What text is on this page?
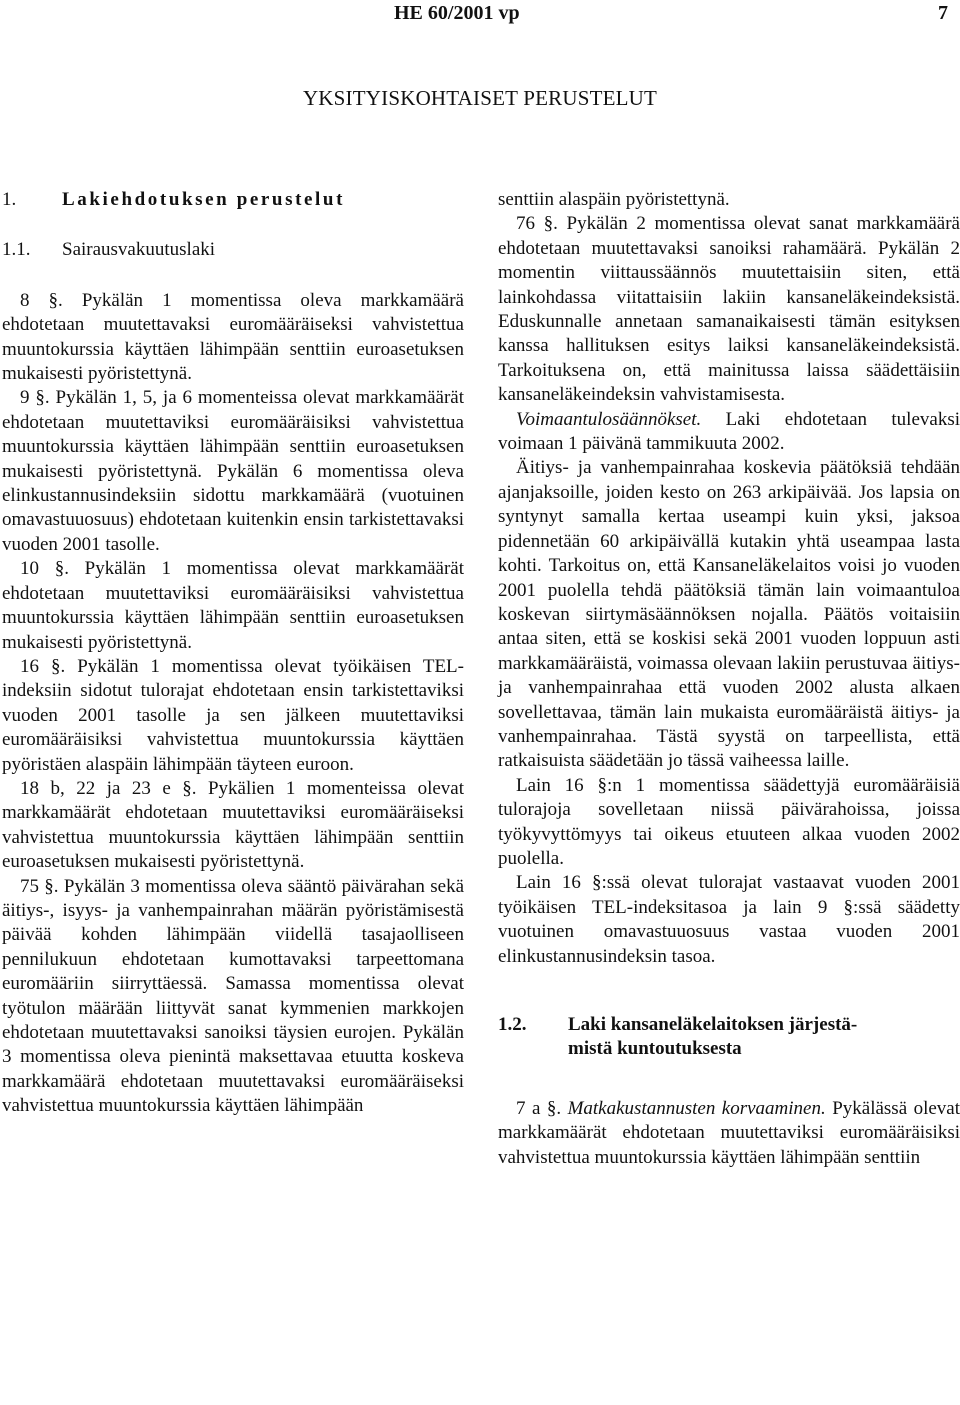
HE 60/2001 vp	7
YKSITYISKOHTAISET PERUSTELUT
1.	Lakiehdotuksen perustelut
1.1.	Sairausvakuutuslaki

8 §. Pykälän 1 momentissa oleva markkamäärä ehdotetaan muutettavaksi euromääräiseksi vahvistettua muuntokurssia käyttäen lähimpään senttiin euroasetuksen mukaisesti pyöristettynä.

9 §. Pykälän 1, 5, ja 6 momenteissa olevat markkamäärät ehdotetaan muutettaviksi euromääräisiksi vahvistettua muuntokurssia käyttäen lähimpään senttiin euroasetuksen mukaisesti pyöristettynä. Pykälän 6 momentissa oleva elinkustannusindeksiin sidottu markkamäärä (vuotuinen omavastuuosuus) ehdotetaan kuitenkin ensin tarkistettavaksi vuoden 2001 tasolle.

10 §. Pykälän 1 momentissa olevat markkamäärät ehdotetaan muutettaviksi euromääräisiksi vahvistettua muuntokurssia käyttäen lähimpään senttiin euroasetuksen mukaisesti pyöristettynä.

16 §. Pykälän 1 momentissa olevat työikäisen TEL-indeksiin sidotut tulorajat ehdotetaan ensin tarkistettaviksi vuoden 2001 tasolle ja sen jälkeen muutettaviksi euromääräisiksi vahvistettua muuntokurssia käyttäen pyöristäen alaspäin lähimpään täyteen euroon.

18 b, 22 ja 23 e §. Pykälien 1 momenteissa olevat markkamäärät ehdotetaan muutettaviksi euromääräiseksi vahvistettua muuntokurssia käyttäen lähimpään senttiin euroasetuksen mukaisesti pyöristettynä.

75 §. Pykälän 3 momentissa oleva sääntö päivärahan sekä äitiys-, isyys- ja vanhempainrahan määrän pyöristämisestä päivää kohden lähimpään viidellä tasajaolliseen pennilukuun ehdotetaan kumottavaksi tarpeettomana euromääriin siirryttäessä. Samassa momentissa olevat työtulon määrään liittyvät sanat kymmenien markkojen ehdotetaan muutettavaksi sanoiksi täysien eurojen. Pykälän 3 momentissa oleva pienintä maksettavaa etuutta koskeva markkamäärä ehdotetaan muutettavaksi euromääräiseksi vahvistettua muuntokurssia käyttäen lähimpään

senttiin alaspäin pyöristettynä.

76 §. Pykälän 2 momentissa olevat sanat markkamäärä ehdotetaan muutettavaksi sanoiksi rahamäärä. Pykälän 2 momentin viittaussäännös muutettaisiin siten, että lainkohdassa viitattaisiin lakiin kansaneläkeindeksistä. Eduskunnalle annetaan samanaikaisesti tämän esityksen kanssa hallituksen esitys laiksi kansaneläkeindeksistä. Tarkoituksena on, että mainitussa laissa säädettäisiin kansaneläkeindeksin vahvistamisesta.

Voimaantulosäännökset. Laki ehdotetaan tulevaksi voimaan 1 päivänä tammikuuta 2002.

Äitiys- ja vanhempainrahaa koskevia päätöksiä tehdään ajanjaksoille, joiden kesto on 263 arkipäivää. Jos lapsia on syntynyt samalla kertaa useampi kuin yksi, jaksoa pidennetään 60 arkipäivällä kutakin yhtä useampaa lasta kohti. Tarkoitus on, että Kansaneläkelaitos voisi jo vuoden 2001 puolella tehdä päätöksiä tämän lain voimaantuloa koskevan siirtymäsäännöksen nojalla. Päätös voitaisiin antaa siten, että se koskisi sekä 2001 vuoden loppuun asti markkamääräistä, voimassa olevaan lakiin perustuvaa äitiys- ja vanhempainrahaa että vuoden 2002 alusta alkaen sovellettavaa, tämän lain mukaista euromääräistä äitiys- ja vanhempainrahaa. Tästä syystä on tarpeellista, että ratkaisuista säädetään jo tässä vaiheessa laille.

Lain 16 §:n 1 momentissa säädettyjä euromääräisiä tulorajoja sovelletaan niissä päivärahoissa, joissa työkyvyttömyys tai oikeus etuuteen alkaa vuoden 2002 puolella.

Lain 16 §:ssä olevat tulorajat vastaavat vuoden 2001 työikäisen TEL-indeksitasoa ja lain 9 §:ssä säädetty vuotuinen omavastuuosuus vastaa vuoden 2001 elinkustannusindeksin tasoa.

1.2.	Laki kansaneläkelaitoksen järjestä-
mistä kuntoutuksesta

7 a §. Matkakustannusten korvaaminen. Pykälässä olevat markkamäärät ehdotetaan muutettaviksi euromääräisiksi vahvistettua muuntokurssia käyttäen lähimpään senttiin
